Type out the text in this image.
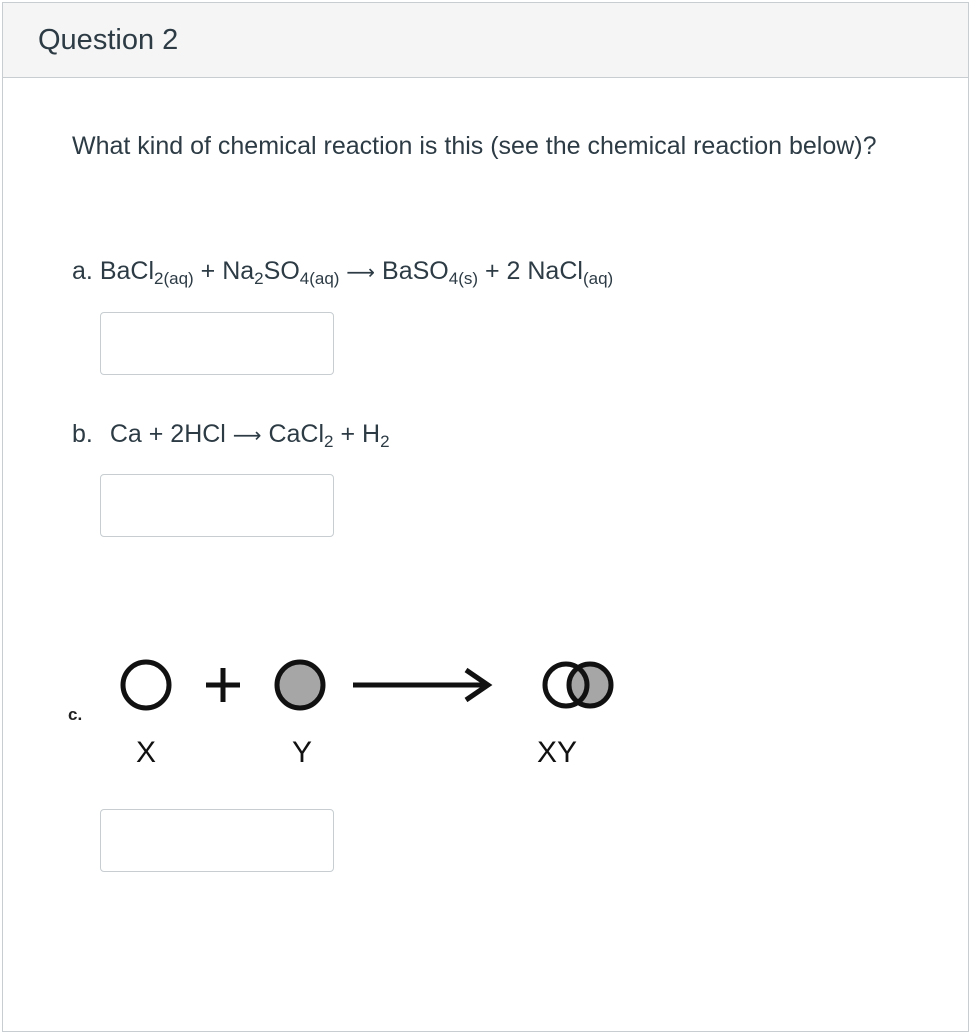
Question 2
What kind of chemical reaction is this (see the chemical reaction below)?
a. BaCl$_{2(aq)}$ + $Na_2SO_{4(aq)}$ ⟶ BaSO$_{4(s)}$ + 2 NaCl$_{(aq)}$
b. Ca + 2HCl ⟶ CaCl$_2$ + $H_2$
c.
X	Y	XY
